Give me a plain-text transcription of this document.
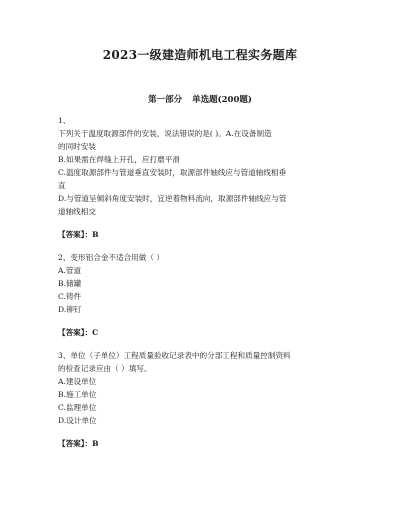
2023一级建造师机电工程实务题库
第一部分 单选题(200题)
1、
下列关于温度取源部件的安装，说法错误的是( )。A.在设备制造
的同时安装
B.如果需在焊缝上开孔，应打磨平滑
C.温度取源部件与管道垂直安装时，取源部件轴线应与管道轴线相垂
直
D.与管道呈倾斜角度安装时，宜逆着物料流向，取源部件轴线应与管
道轴线相交
【答案】：B
2、变形铝合金不适合用做（ ）
A.管道
B.储罐
C.铸件
D.铆钉
【答案】：C
3、单位（子单位）工程质量验收记录表中的分部工程和质量控制资料
的检查记录应由（ ）填写。
A.建设单位
B.施工单位
C.监理单位
D.设计单位
【答案】：B
